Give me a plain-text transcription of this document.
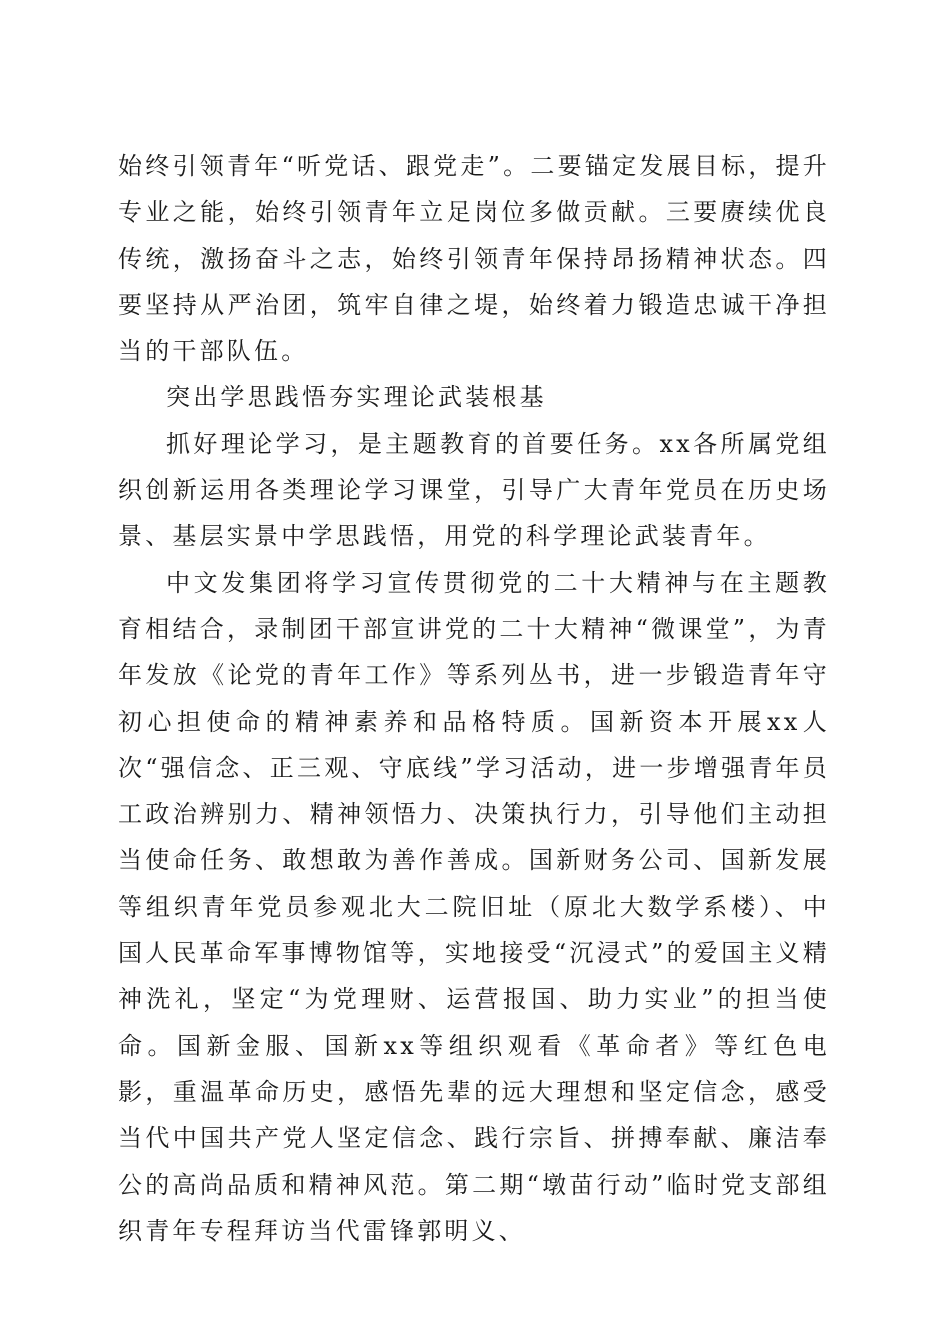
始终引领青年“听党话、跟党走”。二要锚定发展目标，提升专业之能，始终引领青年立足岗位多做贡献。三要赓续优良传统，激扬奋斗之志，始终引领青年保持昂扬精神状态。四要坚持从严治团，筑牢自律之堤，始终着力锻造忠诚干净担当的干部队伍。

突出学思践悟夯实理论武装根基

抓好理论学习，是主题教育的首要任务。xx各所属党组织创新运用各类理论学习课堂，引导广大青年党员在历史场景、基层实景中学思践悟，用党的科学理论武装青年。

中文发集团将学习宣传贯彻党的二十大精神与在主题教育相结合，录制团干部宣讲党的二十大精神“微课堂”，为青年发放《论党的青年工作》等系列丛书，进一步锻造青年守初心担使命的精神素养和品格特质。国新资本开展xx人次“强信念、正三观、守底线”学习活动，进一步增强青年员工政治辨别力、精神领悟力、决策执行力，引导他们主动担当使命任务、敢想敢为善作善成。国新财务公司、国新发展等组织青年党员参观北大二院旧址（原北大数学系楼）、中国人民革命军事博物馆等，实地接受“沉浸式”的爱国主义精神洗礼，坚定“为党理财、运营报国、助力实业”的担当使命。国新金服、国新xx等组织观看《革命者》等红色电影，重温革命历史，感悟先辈的远大理想和坚定信念，感受当代中国共产党人坚定信念、践行宗旨、拼搏奉献、廉洁奉公的高尚品质和精神风范。第二期“墩苗行动”临时党支部组织青年专程拜访当代雷锋郭明义、
